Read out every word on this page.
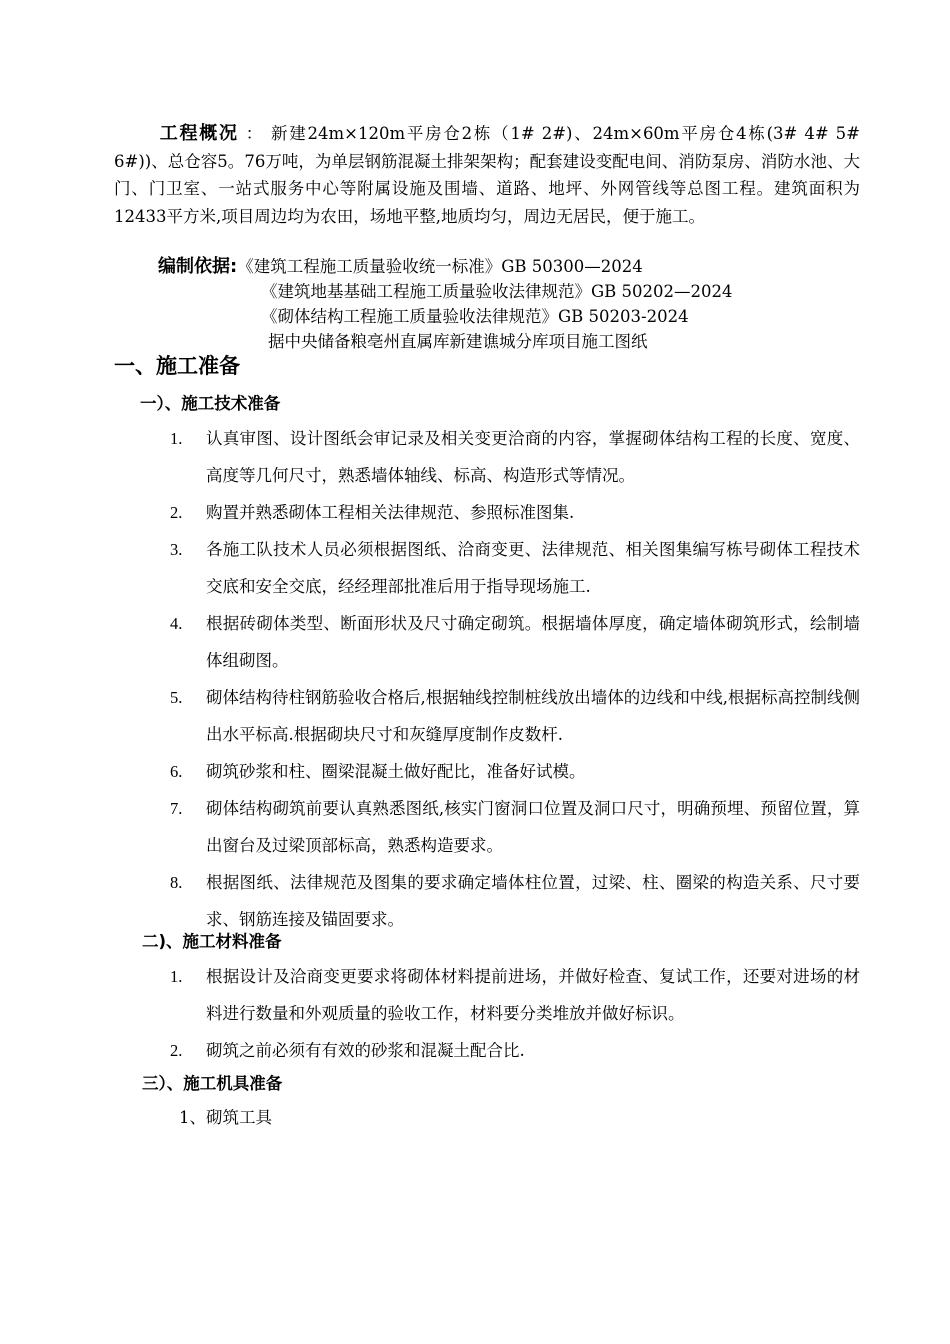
工程概况 ： 新建24m×120m平房仓2栋（1# 2#)、24m×60m平房仓4栋(3# 4# 5# 6#))、总仓容5。76万吨，为单层钢筋混凝土排架架构；配套建设变配电间、消防泵房、消防水池、大门、门卫室、一站式服务中心等附属设施及围墙、道路、地坪、外网管线等总图工程。建筑面积为12433平方米,项目周边均为农田，场地平整,地质均匀，周边无居民，便于施工。
编制依据:《建筑工程施工质量验收统一标准》GB 50300—2024
《建筑地基基础工程施工质量验收法律规范》GB 50202—2024
《砌体结构工程施工质量验收法律规范》GB 50203-2024
据中央储备粮亳州直属库新建谯城分库项目施工图纸
一、施工准备
一）、施工技术准备
1. 认真审图、设计图纸会审记录及相关变更洽商的内容，掌握砌体结构工程的长度、宽度、高度等几何尺寸，熟悉墙体轴线、标高、构造形式等情况。
2. 购置并熟悉砌体工程相关法律规范、参照标准图集.
3. 各施工队技术人员必须根据图纸、洽商变更、法律规范、相关图集编写栋号砌体工程技术交底和安全交底，经经理部批准后用于指导现场施工.
4. 根据砖砌体类型、断面形状及尺寸确定砌筑。根据墙体厚度，确定墙体砌筑形式，绘制墙体组砌图。
5. 砌体结构待柱钢筋验收合格后,根据轴线控制桩线放出墙体的边线和中线,根据标高控制线侧出水平标高.根据砌块尺寸和灰缝厚度制作皮数杆.
6. 砌筑砂浆和柱、圈梁混凝土做好配比，准备好试模。
7. 砌体结构砌筑前要认真熟悉图纸,核实门窗洞口位置及洞口尺寸，明确预埋、预留位置，算出窗台及过梁顶部标高，熟悉构造要求。
8. 根据图纸、法律规范及图集的要求确定墙体柱位置，过梁、柱、圈梁的构造关系、尺寸要求、钢筋连接及锚固要求。
二)、施工材料准备
1. 根据设计及洽商变更要求将砌体材料提前进场，并做好检查、复试工作，还要对进场的材料进行数量和外观质量的验收工作，材料要分类堆放并做好标识。
2. 砌筑之前必须有有效的砂浆和混凝土配合比.
三）、施工机具准备
1、砌筑工具
